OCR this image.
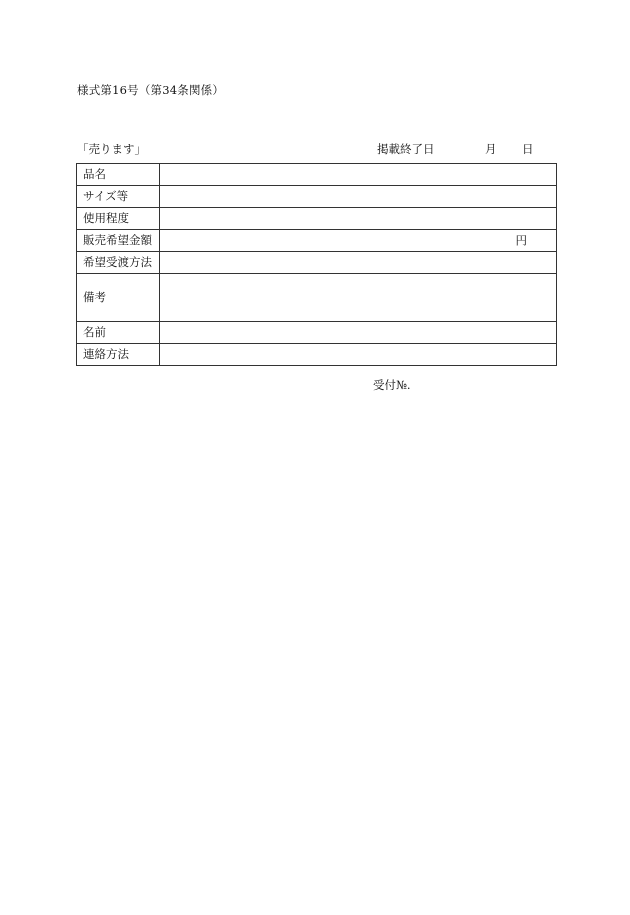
様式第16号（第34条関係）
「売ります」	掲載終了日	月 日
品名	
サイズ等	
使用程度	
販売希望金額	円

希望受渡方法	
備考	
名前	
連絡方法	
受付№.
